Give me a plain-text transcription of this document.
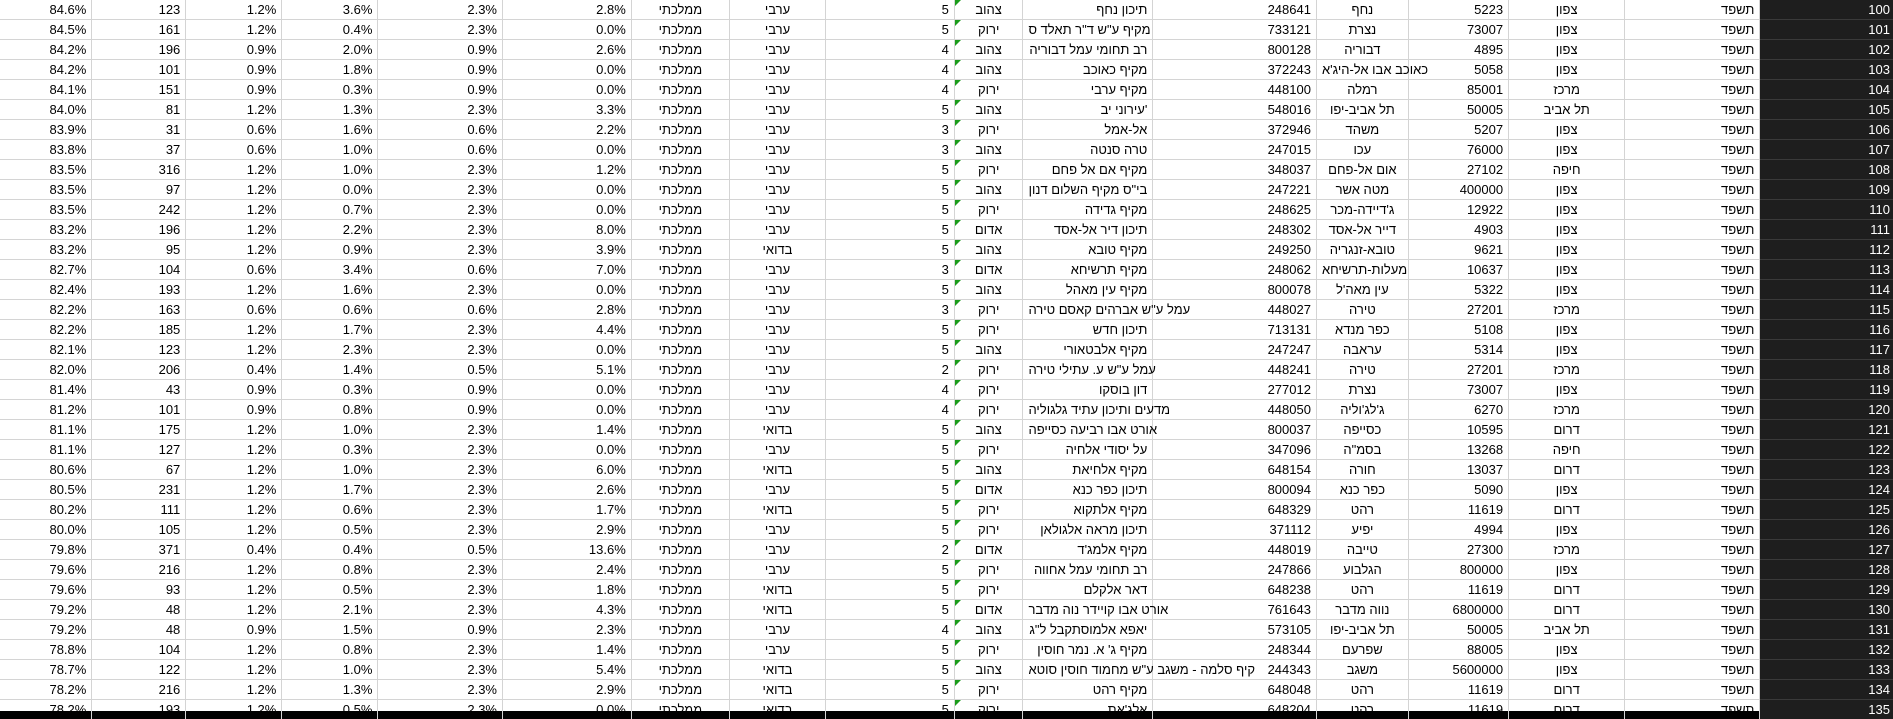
84.6%	123	1.2%	3.6%	2.3%	2.8%	ממלכתי	ערבי	5	צהוב	תיכון נחף	248641	נחף	5223	צפון	תשפד	100
84.5%	161	1.2%	0.4%	2.3%	0.0%	ממלכתי	ערבי	5	ירוק	מקיף ע"ש ד"ר תאלד ס	733121	נצרת	73007	צפון	תשפד	101
84.2%	196	0.9%	2.0%	0.9%	2.6%	ממלכתי	ערבי	4	צהוב	רב תחומי עמל דבוריה	800128	דבוריה	4895	צפון	תשפד	102
84.2%	101	0.9%	1.8%	0.9%	0.0%	ממלכתי	ערבי	4	צהוב	מקיף כאוכב	372243	כאוכב אבו אל-היג'א	5058	צפון	תשפד	103
84.1%	151	0.9%	0.3%	0.9%	0.0%	ממלכתי	ערבי	4	ירוק	מקיף ערבי	448100	רמלה	85001	מרכז	תשפד	104
84.0%	81	1.2%	1.3%	2.3%	3.3%	ממלכתי	ערבי	5	צהוב	עירוני יב'	548016	תל אביב-יפו	50005	תל אביב	תשפד	105
83.9%	31	0.6%	1.6%	0.6%	2.2%	ממלכתי	ערבי	3	ירוק	אל-אמל	372946	משהד	5207	צפון	תשפד	106
83.8%	37	0.6%	1.0%	0.6%	0.0%	ממלכתי	ערבי	3	צהוב	טרה סנטה	247015	עכו	76000	צפון	תשפד	107
83.5%	316	1.2%	1.0%	2.3%	1.2%	ממלכתי	ערבי	5	ירוק	מקיף אם אל פחם	348037	אום אל-פחם	27102	חיפה	תשפד	108
83.5%	97	1.2%	0.0%	2.3%	0.0%	ממלכתי	ערבי	5	צהוב	בי"ס מקיף השלום דנון	247221	מטה אשר	400000	צפון	תשפד	109
83.5%	242	1.2%	0.7%	2.3%	0.0%	ממלכתי	ערבי	5	ירוק	מקיף גדידה	248625	ג'דיידה-מכר	12922	צפון	תשפד	110
83.2%	196	1.2%	2.2%	2.3%	8.0%	ממלכתי	ערבי	5	אדום	תיכון דיר אל-אסד	248302	דייר אל-אסד	4903	צפון	תשפד	111
83.2%	95	1.2%	0.9%	2.3%	3.9%	ממלכתי	בדואי	5	צהוב	מקיף טובא	249250	טובא-זנגריה	9621	צפון	תשפד	112
82.7%	104	0.6%	3.4%	0.6%	7.0%	ממלכתי	ערבי	3	אדום	מקיף תרשיחא	248062	מעלות-תרשיחא	10637	צפון	תשפד	113
82.4%	193	1.2%	1.6%	2.3%	0.0%	ממלכתי	ערבי	5	צהוב	מקיף עין מאהל	800078	עין מאה'ל	5322	צפון	תשפד	114
82.2%	163	0.6%	0.6%	0.6%	2.8%	ממלכתי	ערבי	3	ירוק	עמל ע"ש אברהים קאסם טירה	448027	טירה	27201	מרכז	תשפד	115
82.2%	185	1.2%	1.7%	2.3%	4.4%	ממלכתי	ערבי	5	ירוק	תיכון חדש	713131	כפר מנדא	5108	צפון	תשפד	116
82.1%	123	1.2%	2.3%	2.3%	0.0%	ממלכתי	ערבי	5	צהוב	מקיף אלבטאורי	247247	עראבה	5314	צפון	תשפד	117
82.0%	206	0.4%	1.4%	0.5%	5.1%	ממלכתי	ערבי	2	ירוק	עמל ע"ש ע. עתילי טירה	448241	טירה	27201	מרכז	תשפד	118
81.4%	43	0.9%	0.3%	0.9%	0.0%	ממלכתי	ערבי	4	ירוק	דון בוסקו	277012	נצרת	73007	צפון	תשפד	119
81.2%	101	0.9%	0.8%	0.9%	0.0%	ממלכתי	ערבי	4	ירוק	מדעים ותיכון עתיד גלגוליה	448050	ג'לג'וליה	6270	מרכז	תשפד	120
81.1%	175	1.2%	1.0%	2.3%	1.4%	ממלכתי	בדואי	5	צהוב	אורט אבו רביעה כסייפה	800037	כסייפה	10595	דרום	תשפד	121
81.1%	127	1.2%	0.3%	2.3%	0.0%	ממלכתי	ערבי	5	ירוק	על יסודי אלחיה	347096	בסמ"ה	13268	חיפה	תשפד	122
80.6%	67	1.2%	1.0%	2.3%	6.0%	ממלכתי	בדואי	5	צהוב	מקיף אלחיאת	648154	חורה	13037	דרום	תשפד	123
80.5%	231	1.2%	1.7%	2.3%	2.6%	ממלכתי	ערבי	5	אדום	תיכון כפר כנא	800094	כפר כנא	5090	צפון	תשפד	124
80.2%	111	1.2%	0.6%	2.3%	1.7%	ממלכתי	בדואי	5	ירוק	מקיף אלתקוא	648329	רהט	11619	דרום	תשפד	125
80.0%	105	1.2%	0.5%	2.3%	2.9%	ממלכתי	ערבי	5	ירוק	תיכון מראה אלגולאן	371112	יפיע	4994	צפון	תשפד	126
79.8%	371	0.4%	0.4%	0.5%	13.6%	ממלכתי	ערבי	2	אדום	מקיף אלמג'ד	448019	טייבה	27300	מרכז	תשפד	127
79.6%	216	1.2%	0.8%	2.3%	2.4%	ממלכתי	ערבי	5	ירוק	רב תחומי עמל אחווה	247866	הגלבוע	800000	צפון	תשפד	128
79.6%	93	1.2%	0.5%	2.3%	1.8%	ממלכתי	בדואי	5	ירוק	דאר אלקלם	648238	רהט	11619	דרום	תשפד	129
79.2%	48	1.2%	2.1%	2.3%	4.3%	ממלכתי	בדואי	5	אדום	אורט אבו קויידר נוה מדבר	761643	נווה מדבר	6800000	דרום	תשפד	130
79.2%	48	0.9%	1.5%	0.9%	2.3%	ממלכתי	ערבי	4	צהוב	יאפא אלמוסתקבל ל"ג	573105	תל אביב-יפו	50005	תל אביב	תשפד	131
78.8%	104	1.2%	0.8%	2.3%	1.4%	ממלכתי	ערבי	5	ירוק	מקיף ג' א. נמר חוסין	248344	שפרעם	88005	צפון	תשפד	132
78.7%	122	1.2%	1.0%	2.3%	5.4%	ממלכתי	בדואי	5	צהוב	קיף סלמה - משגב ע"ש מחמוד חוסין סוטא	244343	משגב	5600000	צפון	תשפד	133
78.2%	216	1.2%	1.3%	2.3%	2.9%	ממלכתי	בדואי	5	ירוק	מקיף רהט	648048	רהט	11619	דרום	תשפד	134
78.2%	193	1.2%	0.5%	2.3%	0.0%	ממלכתי	בדואי	5	ירוק	אלג'את	648204	רהט	11619	דרום	תשפד	135
